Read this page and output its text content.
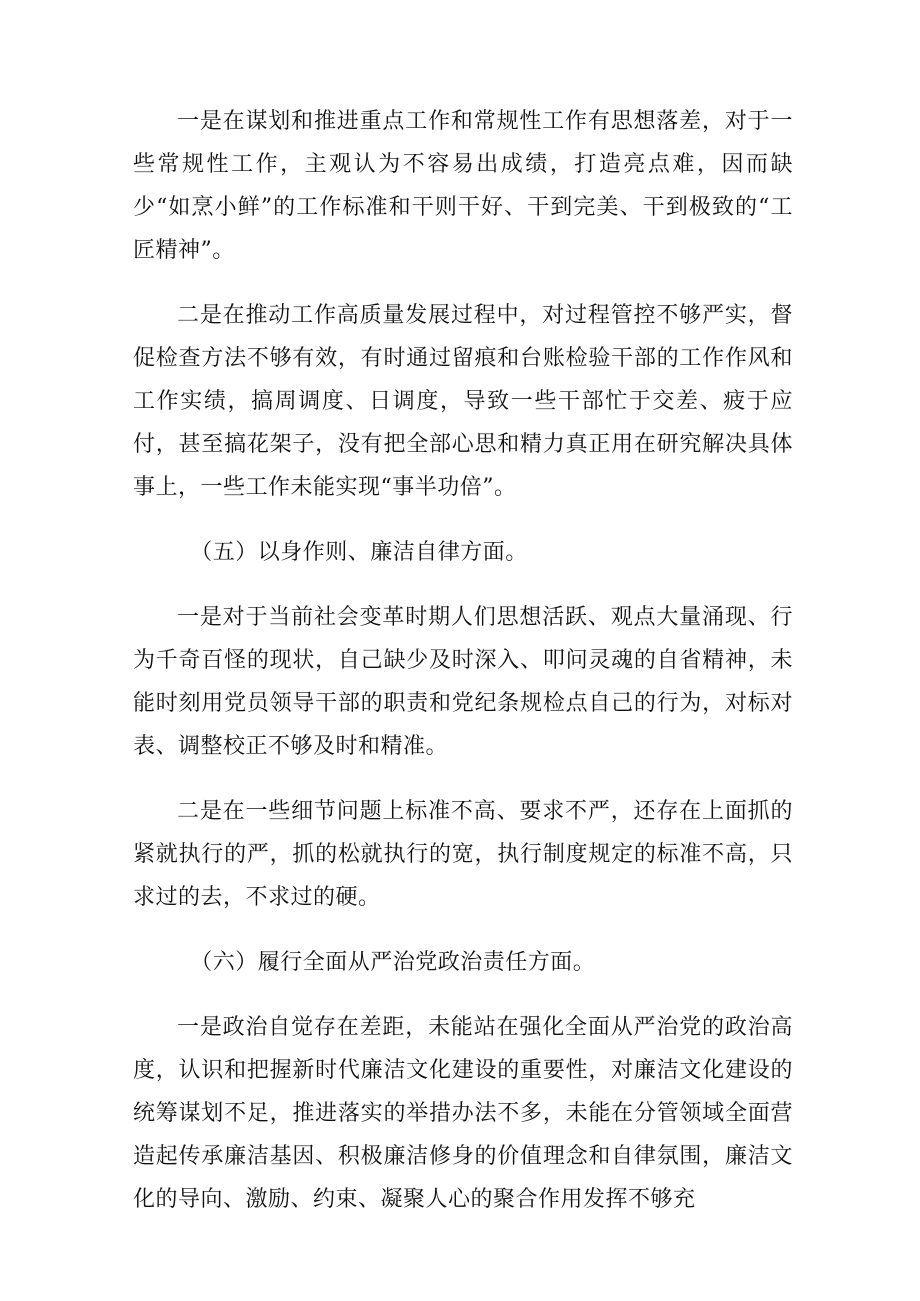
一是在谋划和推进重点工作和常规性工作有思想落差，对于一些常规性工作，主观认为不容易出成绩，打造亮点难，因而缺少“如烹小鲜”的工作标准和干则干好、干到完美、干到极致的“工匠精神”。

二是在推动工作高质量发展过程中，对过程管控不够严实，督促检查方法不够有效，有时通过留痕和台账检验干部的工作作风和工作实绩，搞周调度、日调度，导致一些干部忙于交差、疲于应付，甚至搞花架子，没有把全部心思和精力真正用在研究解决具体事上，一些工作未能实现“事半功倍”。

（五）以身作则、廉洁自律方面。

一是对于当前社会变革时期人们思想活跃、观点大量涌现、行为千奇百怪的现状，自己缺少及时深入、叩问灵魂的自省精神，未能时刻用党员领导干部的职责和党纪条规检点自己的行为，对标对表、调整校正不够及时和精准。

二是在一些细节问题上标准不高、要求不严，还存在上面抓的紧就执行的严，抓的松就执行的宽，执行制度规定的标准不高，只求过的去，不求过的硬。

（六）履行全面从严治党政治责任方面。

一是政治自觉存在差距，未能站在强化全面从严治党的政治高度，认识和把握新时代廉洁文化建设的重要性，对廉洁文化建设的统筹谋划不足，推进落实的举措办法不多，未能在分管领域全面营造起传承廉洁基因、积极廉洁修身的价值理念和自律氛围，廉洁文化的导向、激励、约束、凝聚人心的聚合作用发挥不够充
